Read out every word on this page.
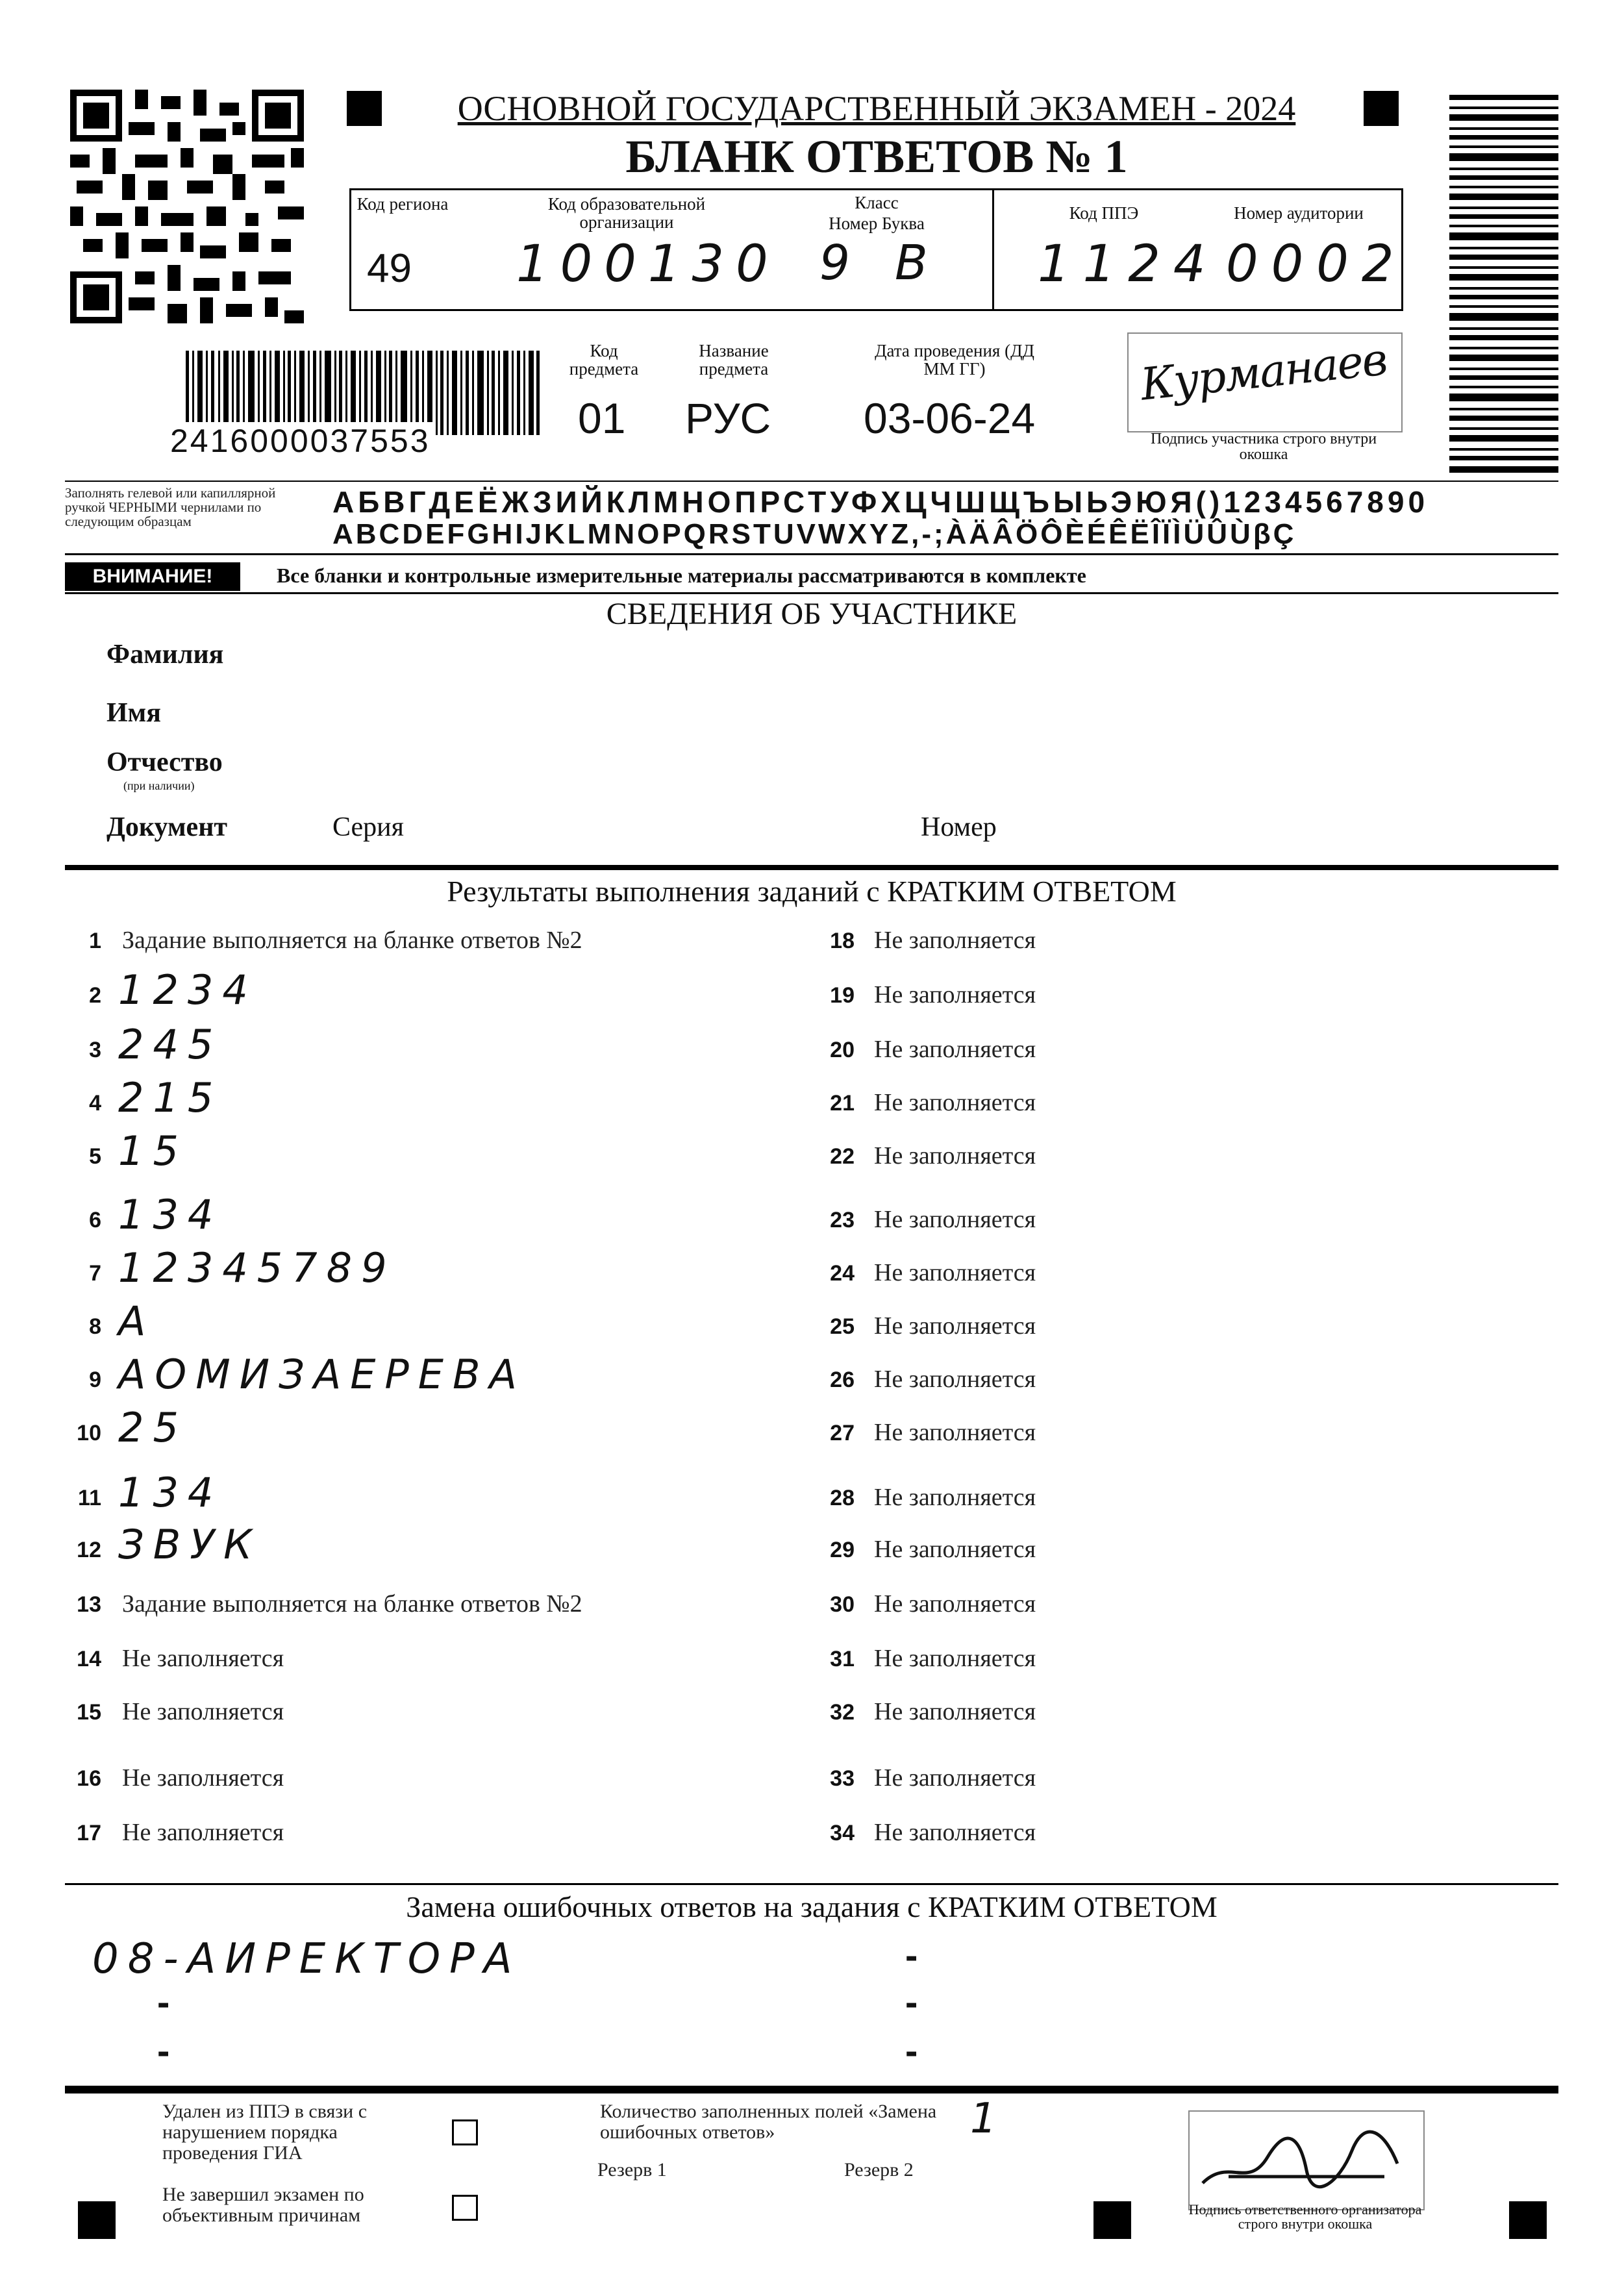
ОСНОВНОЙ ГОСУДАРСТВЕННЫЙ ЭКЗАМЕН - 2024
БЛАНК ОТВЕТОВ № 1
Код региона
49
Код образовательной организации
100130
Класс
Номер Буква
9 В
Код ППЭ
1124
Номер аудитории
0002
2416000037553
Код предмета
01
Название предмета
РУС
Дата проведения (ДД ММ ГГ)
03-06-24
Курманаев
Подпись участника строго внутри окошка
Заполнять гелевой или капиллярной ручкой ЧЕРНЫМИ чернилами по следующим образцам
АБВГДЕЁЖЗИЙКЛМНОПРСТУФХЦЧШЩЪЫЬЭЮЯ()1234567890
ABCDEFGHIJKLMNOPQRSTUVWXYZ,-;ÀÄÂÖÔÈÉÊËÎÏÌÜÛÙβÇ
ВНИМАНИЕ!	Все бланки и контрольные измерительные материалы рассматриваются в комплекте
СВЕДЕНИЯ ОБ УЧАСТНИКЕ
Фамилия
Имя
Отчество
(при наличии)
Документ	Серия	Номер
Результаты выполнения заданий с КРАТКИМ ОТВЕТОМ
1 Задание выполняется на бланке ответов №2
2 1234
3 245
4 215
5 15
6 134
7 12345789
8 А
9 АОМИЗАЕРЕВА
10 25
11 134
12 ЗВУК
13 Задание выполняется на бланке ответов №2
14 Не заполняется
15 Не заполняется
16 Не заполняется
17 Не заполняется
18 Не заполняется
19 Не заполняется
20 Не заполняется
21 Не заполняется
22 Не заполняется
23 Не заполняется
24 Не заполняется
25 Не заполняется
26 Не заполняется
27 Не заполняется
28 Не заполняется
29 Не заполняется
30 Не заполняется
31 Не заполняется
32 Не заполняется
33 Не заполняется
34 Не заполняется
Замена ошибочных ответов на задания с КРАТКИМ ОТВЕТОМ
08-АИРЕКТОРА
-
-
-
-
-
Удален из ППЭ в связи с нарушением порядка проведения ГИА
Не завершил экзамен по объективным причинам
Количество заполненных полей «Замена ошибочных ответов»	1
Резерв 1	Резерв 2
Подпись ответственного организатора строго внутри окошка
